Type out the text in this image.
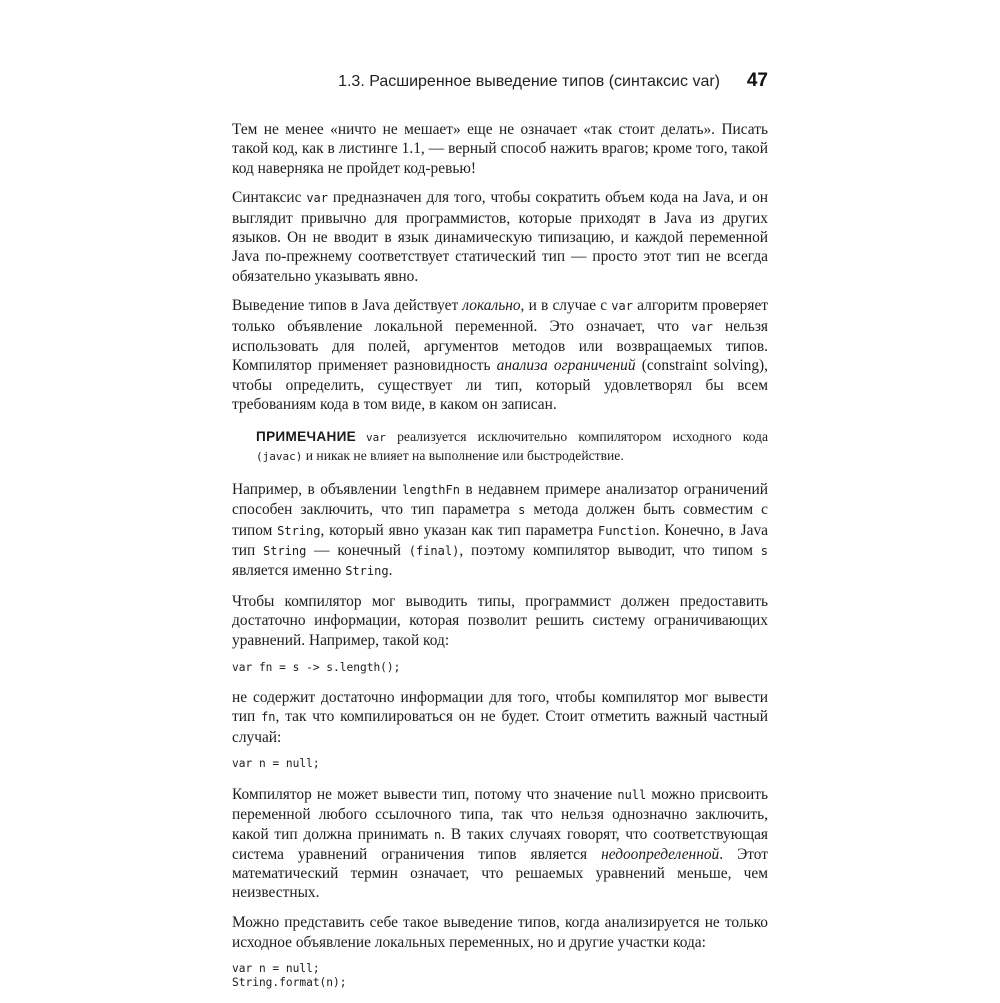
1.3. Расширенное выведение типов (синтаксис var) 47

Тем не менее «ничто не мешает» еще не означает «так стоит делать». Писать такой код, как в листинге 1.1, — верный способ нажить врагов; кроме того, такой код наверняка не пройдет код-ревью!

Синтаксис var предназначен для того, чтобы сократить объем кода на Java, и он выглядит привычно для программистов, которые приходят в Java из других языков. Он не вводит в язык динамическую типизацию, и каждой переменной Java по-прежнему соответствует статический тип — просто этот тип не всегда обязательно указывать явно.

Выведение типов в Java действует локально, и в случае с var алгоритм проверяет только объявление локальной переменной. Это означает, что var нельзя использовать для полей, аргументов методов или возвращаемых типов. Компилятор применяет разновидность анализа ограничений (constraint solving), чтобы определить, существует ли тип, который удовлетворял бы всем требованиям кода в том виде, в каком он записан.

ПРИМЕЧАНИЕ var реализуется исключительно компилятором исходного кода (javac) и никак не влияет на выполнение или быстродействие.

Например, в объявлении lengthFn в недавнем примере анализатор ограничений способен заключить, что тип параметра s метода должен быть совместим с типом String, который явно указан как тип параметра Function. Конечно, в Java тип String — конечный (final), поэтому компилятор выводит, что типом s является именно String.

Чтобы компилятор мог выводить типы, программист должен предоставить достаточно информации, которая позволит решить систему ограничивающих уравнений. Например, такой код:

var fn = s -> s.length();

не содержит достаточно информации для того, чтобы компилятор мог вывести тип fn, так что компилироваться он не будет. Стоит отметить важный частный случай:

var n = null;

Компилятор не может вывести тип, потому что значение null можно присвоить переменной любого ссылочного типа, так что нельзя однозначно заключить, какой тип должна принимать n. В таких случаях говорят, что соответствующая система уравнений ограничения типов является недоопределенной. Этот математический термин означает, что решаемых уравнений меньше, чем неизвестных.

Можно представить себе такое выведение типов, когда анализируется не только исходное объявление локальных переменных, но и другие участки кода:

var n = null;
String.format(n);
